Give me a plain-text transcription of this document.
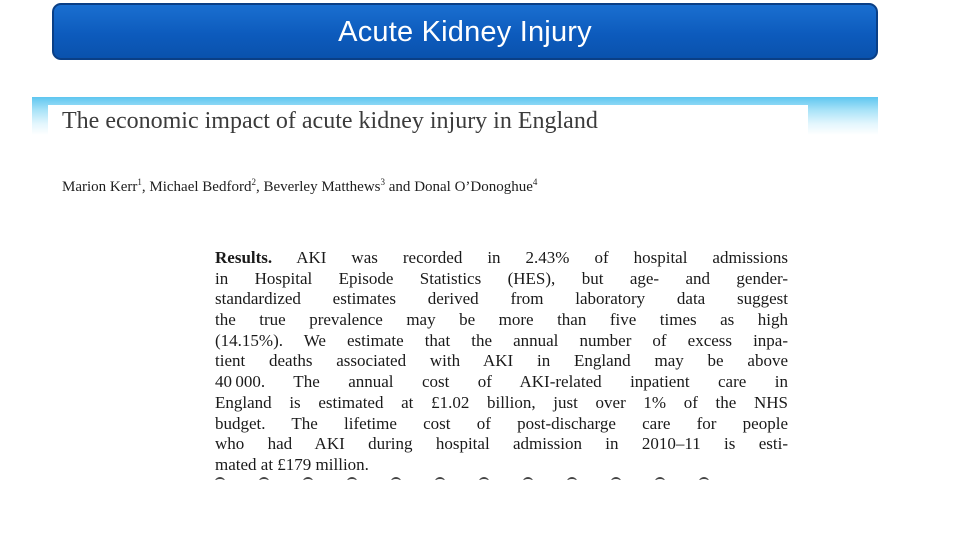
Acute Kidney Injury
The economic impact of acute kidney injury in England
Marion Kerr$^1$, Michael Bedford$^2$, Beverley Matthews$^3$ and Donal O’Donoghue$^4$
Results. AKI was recorded in 2.43% of hospital admissions
in Hospital Episode Statistics (HES), but age- and gender-
standardized estimates derived from laboratory data suggest
the true prevalence may be more than five times as high
(14.15%). We estimate that the annual number of excess inpa-
tient deaths associated with AKI in England may be above
40 000. The annual cost of AKI-related inpatient care in
England is estimated at £1.02 billion, just over 1% of the NHS
budget. The lifetime cost of post-discharge care for people
who had AKI during hospital admission in 2010–11 is esti-
mated at £179 million.
